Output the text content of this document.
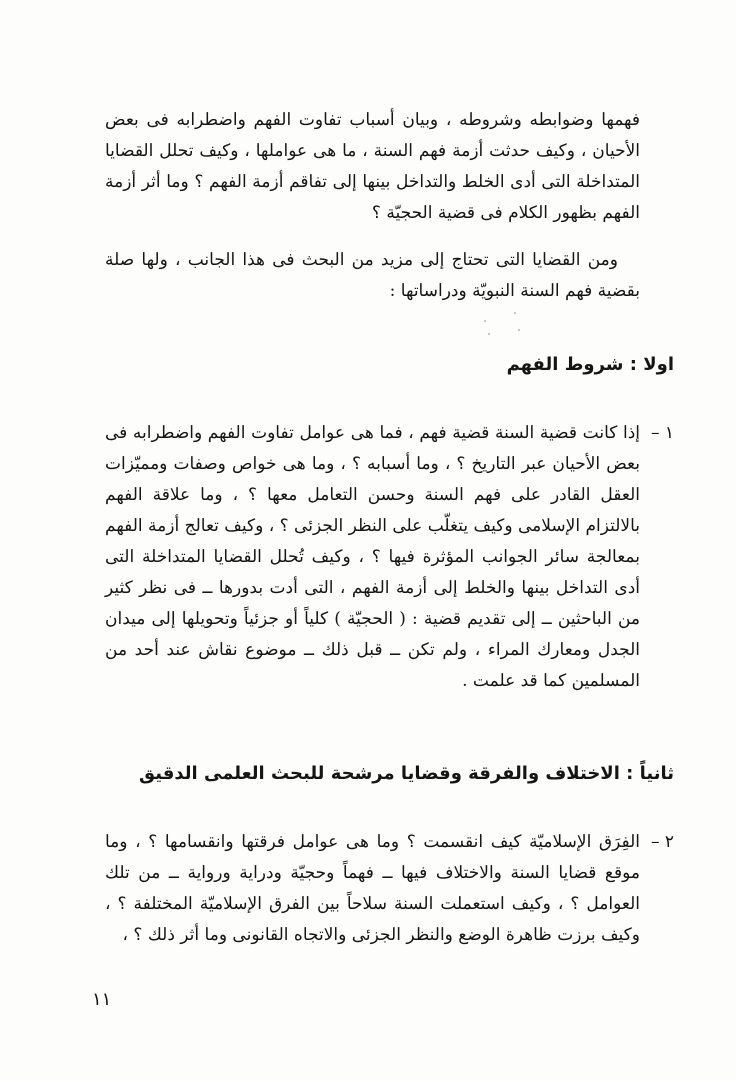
فهمها وضوابطه وشروطه ، وبيان أسباب تفاوت الفهم واضطرابه فى بعض الأحيان ، وكيف حدثت أزمة فهم السنة ، ما هى عواملها ، وكيف تحلل القضايا المتداخلة التى أدى الخلط والتداخل بينها إلى تفاقم أزمة الفهم ؟ وما أثر أزمة الفهم بظهور الكلام فى قضية الحجيّة ؟

ومن القضايا التى تحتاج إلى مزيد من البحث فى هذا الجانب ، ولها صلة بقضية فهم السنة النبويّة ودراساتها :

اولا : شروط الفهم
١ –
إذا كانت قضية السنة قضية فهم ، فما هى عوامل تفاوت الفهم واضطرابه فى بعض الأحيان عبر التاريخ ؟ ، وما أسبابه ؟ ، وما هى خواص وصفات ومميّزات العقل القادر على فهم السنة وحسن التعامل معها ؟ ، وما علاقة الفهم بالالتزام الإسلامى وكيف يتغلّب على النظر الجزئى ؟ ، وكيف تعالج أزمة الفهم بمعالجة سائر الجوانب المؤثرة فيها ؟ ، وكيف تُحلل القضايا المتداخلة التى أدى التداخل بينها والخلط إلى أزمة الفهم ، التى أدت بدورها ــ فى نظر كثير من الباحثين ــ إلى تقديم قضية : ( الحجيّة ) كلياً أو جزئياً وتحويلها إلى ميدان الجدل ومعارك المراء ، ولم تكن ــ قبل ذلك ــ موضوع نقاش عند أحد من المسلمين كما قد علمت .
ثانياً : الاختلاف والفرقة وقضايا مرشحة للبحث العلمى الدقيق
٢ –
الفِرَق الإسلاميّة كيف انقسمت ؟ وما هى عوامل فرقتها وانقسامها ؟ ، وما موقع قضايا السنة والاختلاف فيها ــ فهماً وحجيّة ودراية ورواية ــ من تلك العوامل ؟ ، وكيف استعملت السنة سلاحاً بين الفرق الإسلاميّة المختلفة ؟ ، وكيف برزت ظاهرة الوضع والنظر الجزئى والاتجاه القانونى وما أثر ذلك ؟ ،
١١
